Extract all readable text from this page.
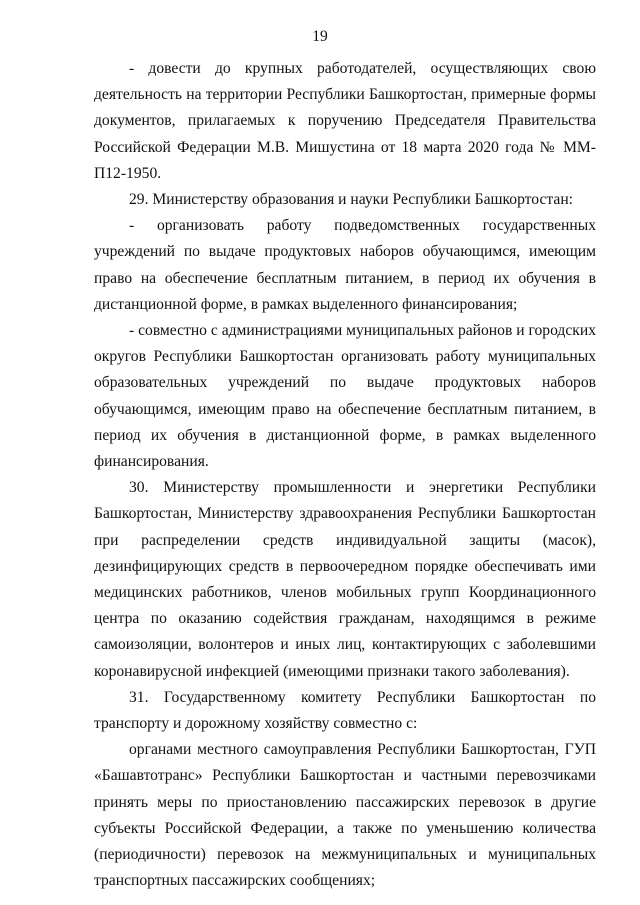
19

- довести до крупных работодателей, осуществляющих свою деятельность на территории Республики Башкортостан, примерные формы документов, прилагаемых к поручению Председателя Правительства Российской Федерации М.В. Мишустина от 18 марта 2020 года № ММ-П12-1950.

29. Министерству образования и науки Республики Башкортостан:

- организовать работу подведомственных государственных учреждений по выдаче продуктовых наборов обучающимся, имеющим право на обеспечение бесплатным питанием, в период их обучения в дистанционной форме, в рамках выделенного финансирования;

- совместно с администрациями муниципальных районов и городских округов Республики Башкортостан организовать работу муниципальных образовательных учреждений по выдаче продуктовых наборов обучающимся, имеющим право на обеспечение бесплатным питанием, в период их обучения в дистанционной форме, в рамках выделенного финансирования.

30. Министерству промышленности и энергетики Республики Башкортостан, Министерству здравоохранения Республики Башкортостан при распределении средств индивидуальной защиты (масок), дезинфицирующих средств в первоочередном порядке обеспечивать ими медицинских работников, членов мобильных групп Координационного центра по оказанию содействия гражданам, находящимся в режиме самоизоляции, волонтеров и иных лиц, контактирующих с заболевшими коронавирусной инфекцией (имеющими признаки такого заболевания).

31. Государственному комитету Республики Башкортостан по транспорту и дорожному хозяйству совместно с:

органами местного самоуправления Республики Башкортостан, ГУП «Башавтотранс» Республики Башкортостан и частными перевозчиками принять меры по приостановлению пассажирских перевозок в другие субъекты Российской Федерации, а также по уменьшению количества (периодичности) перевозок на межмуниципальных и муниципальных транспортных пассажирских сообщениях;
